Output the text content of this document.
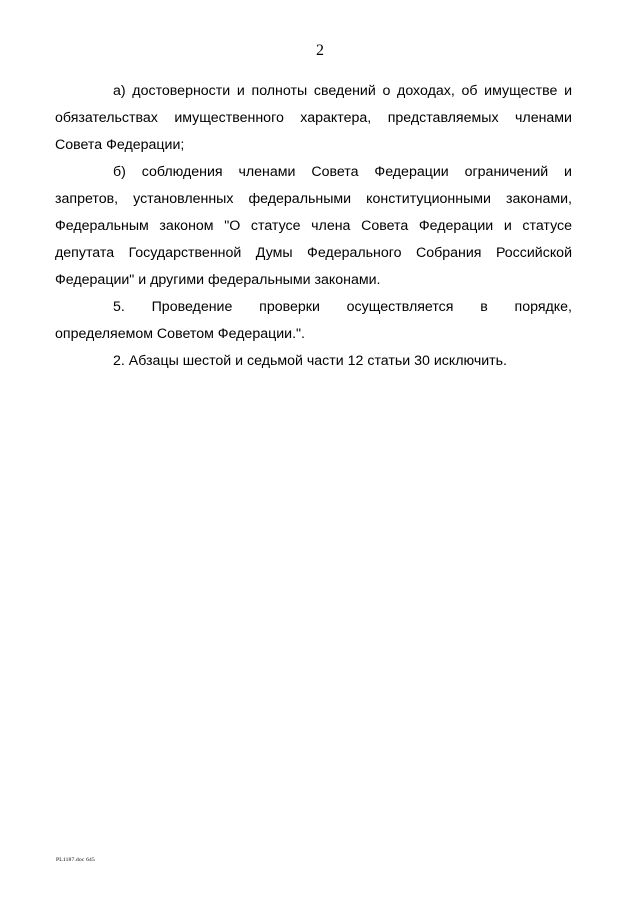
2
а) достоверности и полноты сведений о доходах, об имуществе и
обязательствах имущественного характера, представляемых членами
Совета Федерации;
б) соблюдения членами Совета Федерации ограничений и
запретов, установленных федеральными конституционными законами,
Федеральным законом "О статусе члена Совета Федерации и статусе
депутата Государственной Думы Федерального Собрания Российской
Федерации" и другими федеральными законами.
5. Проведение проверки осуществляется в порядке,
определяемом Советом Федерации.".
2. Абзацы шестой и седьмой части 12 статьи 30 исключить.
PL1187.doc 645
